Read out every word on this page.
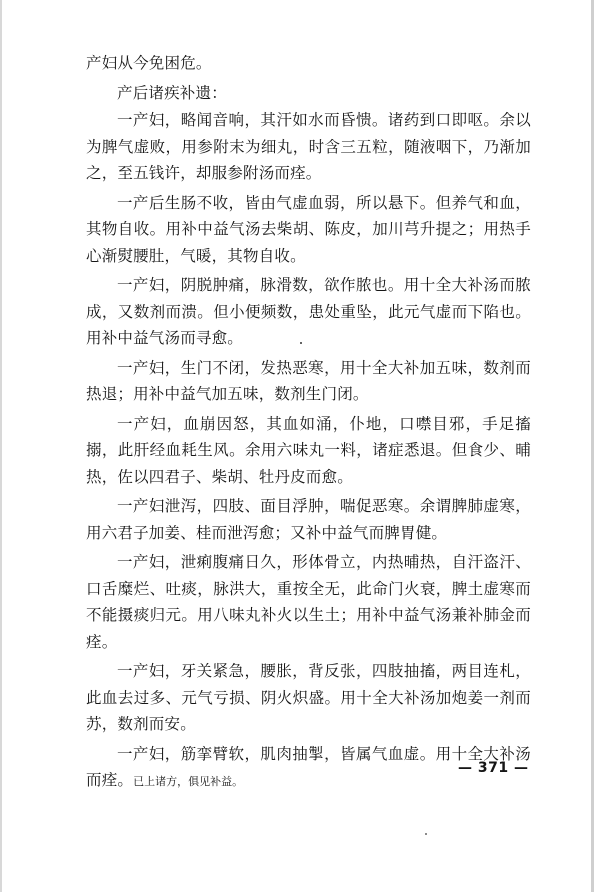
产妇从今免困危。

产后诸疾补遗：

一产妇，略闻音响，其汗如水而昏愦。诸药到口即呕。余以为脾气虚败，用参附末为细丸，时含三五粒，随液咽下，乃渐加之，至五钱许，却服参附汤而痊。

一产后生肠不收，皆由气虚血弱，所以悬下。但养气和血，其物自收。用补中益气汤去柴胡、陈皮，加川芎升提之；用热手心渐熨腰肚，气暖，其物自收。

一产妇，阴脱肿痛，脉滑数，欲作脓也。用十全大补汤而脓成，又数剂而溃。但小便频数，患处重坠，此元气虚而下陷也。用补中益气汤而寻愈。

一产妇，生门不闭，发热恶寒，用十全大补加五味，数剂而热退；用补中益气加五味，数剂生门闭。

一产妇，血崩因怒，其血如涌，仆地，口噤目邪，手足搐搦，此肝经血耗生风。余用六味丸一料，诸症悉退。但食少、晡热，佐以四君子、柴胡、牡丹皮而愈。

一产妇泄泻，四肢、面目浮肿，喘促恶寒。余谓脾肺虚寒，用六君子加姜、桂而泄泻愈；又补中益气而脾胃健。

一产妇，泄痢腹痛日久，形体骨立，内热晡热，自汗盗汗、口舌糜烂、吐痰，脉洪大，重按全无，此命门火衰，脾土虚寒而不能摄痰归元。用八味丸补火以生土；用补中益气汤兼补肺金而痊。

一产妇，牙关紧急，腰胀，背反张，四肢抽搐，两目连札，此血去过多、元气亏损、阴火炽盛。用十全大补汤加炮姜一剂而苏，数剂而安。

一产妇，筋挛臂软，肌肉抽掣，皆属气血虚。用十全大补汤而痊。已上诸方，俱见补益。

— 371 —
